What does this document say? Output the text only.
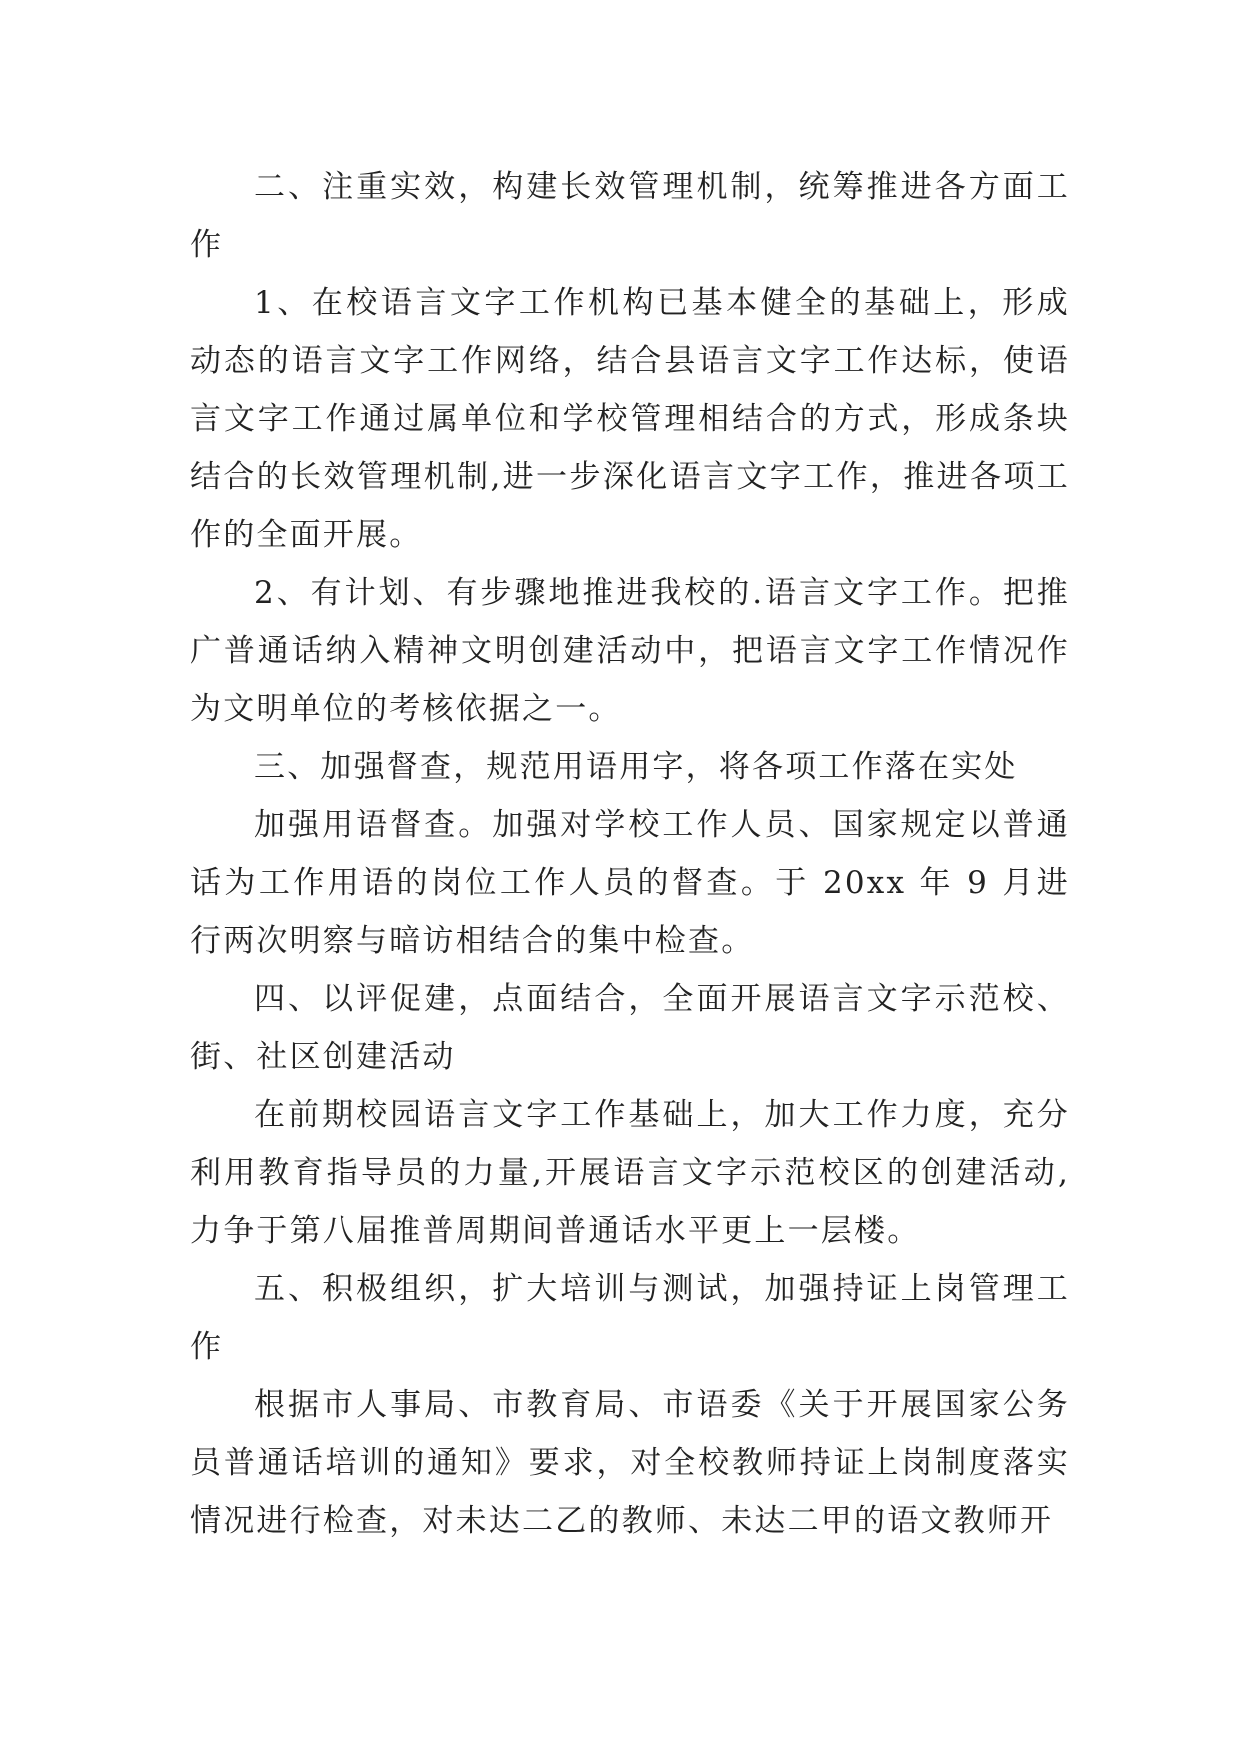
二、注重实效，构建长效管理机制，统筹推进各方面工作

1、在校语言文字工作机构已基本健全的基础上，形成动态的语言文字工作网络，结合县语言文字工作达标，使语言文字工作通过属单位和学校管理相结合的方式，形成条块结合的长效管理机制,进一步深化语言文字工作，推进各项工作的全面开展。

2、有计划、有步骤地推进我校的.语言文字工作。把推广普通话纳入精神文明创建活动中，把语言文字工作情况作为文明单位的考核依据之一。

三、加强督查，规范用语用字，将各项工作落在实处

加强用语督查。加强对学校工作人员、国家规定以普通话为工作用语的岗位工作人员的督查。于 20xx 年 9 月进行两次明察与暗访相结合的集中检查。

四、以评促建，点面结合，全面开展语言文字示范校、街、社区创建活动

在前期校园语言文字工作基础上，加大工作力度，充分利用教育指导员的力量,开展语言文字示范校区的创建活动,力争于第八届推普周期间普通话水平更上一层楼。

五、积极组织，扩大培训与测试，加强持证上岗管理工作

根据市人事局、市教育局、市语委《关于开展国家公务员普通话培训的通知》要求，对全校教师持证上岗制度落实情况进行检查，对未达二乙的教师、未达二甲的语文教师开
